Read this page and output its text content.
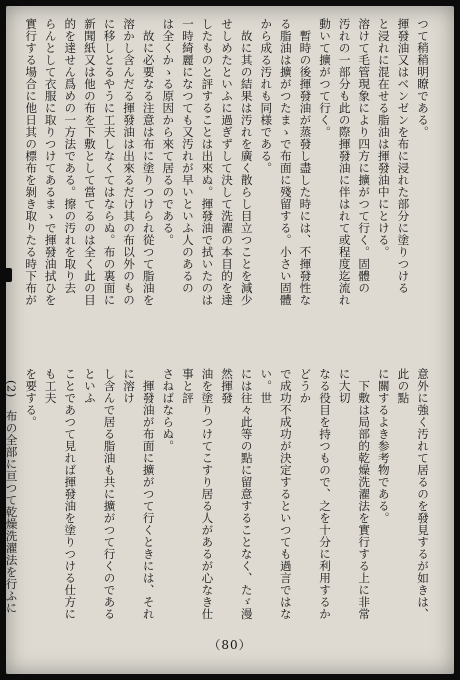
つて稍稍明瞭である。
揮發油又はベンゼンを布に浸れた部分に塗りつける
と浸れに混在せる脂油は揮發油中にとける。
溶けて毛管現象により四方に擴がつて行く。固體の
汚れの一部分も此の際揮發油に伴はれて或程度迄流れ
動いて擴がつて行く。
　暫時の後揮發油が蒸發し盡した時には、不揮發性な
る脂油は擴がつたまゝで布面に殘留する。小さい固體
から成る汚れも同様である。
　故に其の結果は汚れを廣く散らし目立つことを減少
せしめたといふに過ぎずして決して洗濯の本目的を達
したものと評することは出來ぬ。揮發油で拭いたのは
一時綺麗になつても又汚れが早いといふ人のあるの
は全くかゝる原因から來て居るのである。
　故に必要なる注意は布に塗りつけられ從つて脂油を
溶かし含んだる揮發油は出來るだけ其の布以外のもの
に移しとるやうに工夫しなくてはならぬ。布の裏面に
新聞紙又は他の布を下敷として當てるのは全く此の目
的を達せん爲めの一方法である。擦の汚れを取り去
らんとして衣服に取りつけてあるまゝで揮發油拭ひを
實行する場合に他日其の標布を剝き取りたる時下布が
意外に強く汚れて居るのを發見するが如きは、此の點
に關するよき参考物である。
　下敷は局部的乾燥洗濯法を實行する上に非常に大切
なる役目を持つもので、之を十分に利用するかどうか
で成功不成功が決定するといつても過言ではない。世
には往々此等の點に留意することなく、たゞ漫然揮發
油を塗りつけてこすり居る人があるが心なき仕事と評
さねばならぬ。
　揮發油が布面に擴がつて行くときには、それに溶け
し含んで居る脂油も共に擴がつて行くのであるといふ
ことであつて見れば揮發油を塗りつける仕方にも工夫
を要する。
　(2)　布の全部に亘つて乾燥洗濯法を行ふに
（80）
